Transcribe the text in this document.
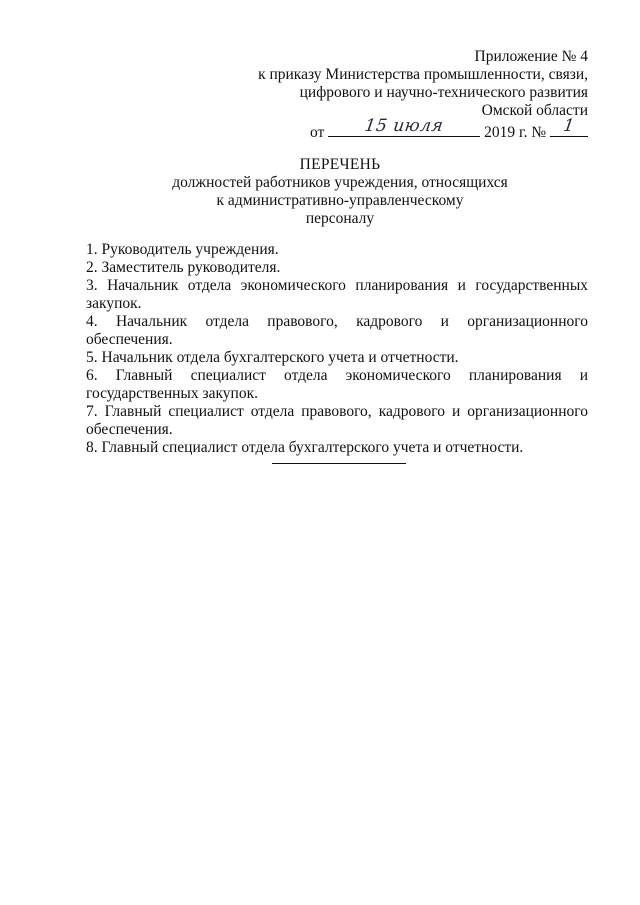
Приложение № 4
к приказу Министерства промышленности, связи,
цифрового и научно-технического развития
Омской области
от	15 июля	2019 г. № 1
ПЕРЕЧЕНЬ
должностей работников учреждения, относящихся
к административно-управленческому
персоналу
1. Руководитель учреждения.
2. Заместитель руководителя.
3. Начальник отдела экономического планирования и государственных
закупок.
4. Начальник отдела правового, кадрового и организационного обеспечения.
5. Начальник отдела бухгалтерского учета и отчетности.
6. Главный специалист отдела экономического планирования и
государственных закупок.
7. Главный специалист отдела правового, кадрового и организационного
обеспечения.
8. Главный специалист отдела бухгалтерского учета и отчетности.
